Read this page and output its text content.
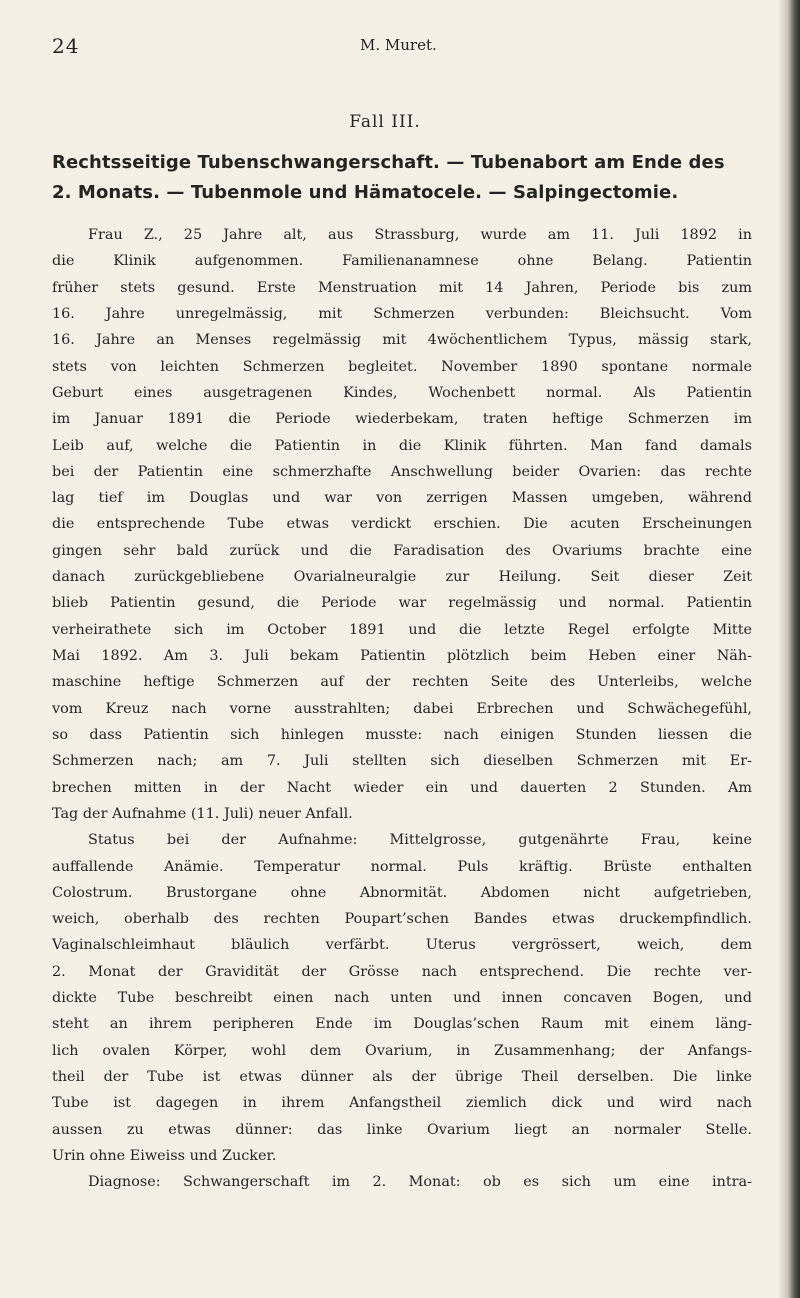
24	M. Muret.
Fall III.
Rechtsseitige Tubenschwangerschaft. — Tubenabort am Ende des
2. Monats. — Tubenmole und Hämatocele. — Salpingectomie.
Frau Z., 25 Jahre alt, aus Strassburg, wurde am 11. Juli 1892 in
die Klinik aufgenommen. Familienanamnese ohne Belang. Patientin
früher stets gesund. Erste Menstruation mit 14 Jahren, Periode bis zum
16. Jahre unregelmässig, mit Schmerzen verbunden: Bleichsucht. Vom
16. Jahre an Menses regelmässig mit 4wöchentlichem Typus, mässig stark,
stets von leichten Schmerzen begleitet. November 1890 spontane normale
Geburt eines ausgetragenen Kindes, Wochenbett normal. Als Patientin
im Januar 1891 die Periode wiederbekam, traten heftige Schmerzen im
Leib auf, welche die Patientin in die Klinik führten. Man fand damals
bei der Patientin eine schmerzhafte Anschwellung beider Ovarien: das rechte
lag tief im Douglas und war von zerrigen Massen umgeben, während
die entsprechende Tube etwas verdickt erschien. Die acuten Erscheinungen
gingen sehr bald zurück und die Faradisation des Ovariums brachte eine
danach zurückgebliebene Ovarialneuralgie zur Heilung. Seit dieser Zeit
blieb Patientin gesund, die Periode war regelmässig und normal. Patientin
verheirathete sich im October 1891 und die letzte Regel erfolgte Mitte
Mai 1892. Am 3. Juli bekam Patientin plötzlich beim Heben einer Näh-
maschine heftige Schmerzen auf der rechten Seite des Unterleibs, welche
vom Kreuz nach vorne ausstrahlten; dabei Erbrechen und Schwächegefühl,
so dass Patientin sich hinlegen musste: nach einigen Stunden liessen die
Schmerzen nach; am 7. Juli stellten sich dieselben Schmerzen mit Er-
brechen mitten in der Nacht wieder ein und dauerten 2 Stunden. Am
Tag der Aufnahme (11. Juli) neuer Anfall.
Status bei der Aufnahme: Mittelgrosse, gutgenährte Frau, keine
auffallende Anämie. Temperatur normal. Puls kräftig. Brüste enthalten
Colostrum. Brustorgane ohne Abnormität. Abdomen nicht aufgetrieben,
weich, oberhalb des rechten Poupart’schen Bandes etwas druckempfindlich.
Vaginalschleimhaut bläulich verfärbt. Uterus vergrössert, weich, dem
2. Monat der Gravidität der Grösse nach entsprechend. Die rechte ver-
dickte Tube beschreibt einen nach unten und innen concaven Bogen, und
steht an ihrem peripheren Ende im Douglas’schen Raum mit einem läng-
lich ovalen Körper, wohl dem Ovarium, in Zusammenhang; der Anfangs-
theil der Tube ist etwas dünner als der übrige Theil derselben. Die linke
Tube ist dagegen in ihrem Anfangstheil ziemlich dick und wird nach
aussen zu etwas dünner: das linke Ovarium liegt an normaler Stelle.
Urin ohne Eiweiss und Zucker.
Diagnose: Schwangerschaft im 2. Monat: ob es sich um eine intra-
